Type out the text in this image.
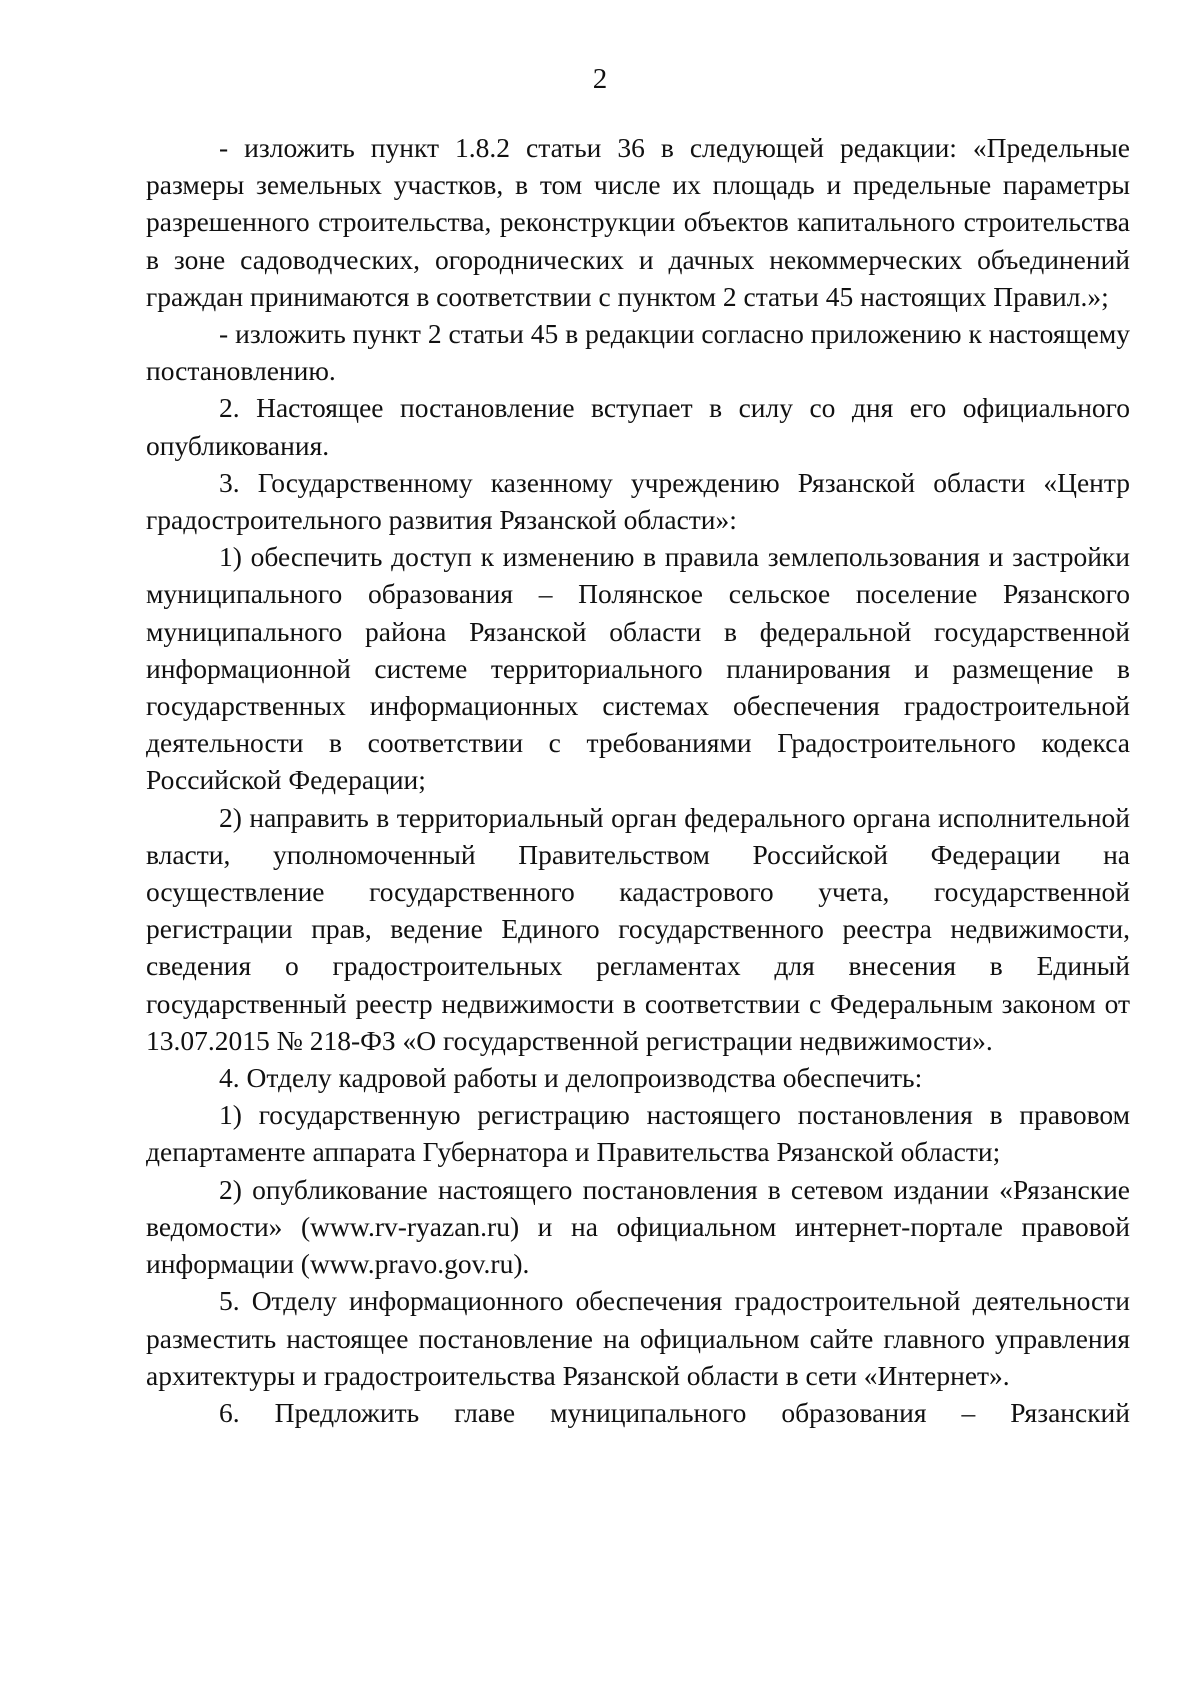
2

- изложить пункт 1.8.2 статьи 36 в следующей редакции: «Предельные размеры земельных участков, в том числе их площадь и предельные параметры разрешенного строительства, реконструкции объектов капитального строительства в зоне садоводческих, огороднических и дачных некоммерческих объединений граждан принимаются в соответствии с пунктом 2 статьи 45 настоящих Правил.»;

- изложить пункт 2 статьи 45 в редакции согласно приложению к настоящему постановлению.

2. Настоящее постановление вступает в силу со дня его официального опубликования.

3. Государственному казенному учреждению Рязанской области «Центр градостроительного развития Рязанской области»:

1) обеспечить доступ к изменению в правила землепользования и застройки муниципального образования – Полянское сельское поселение Рязанского муниципального района Рязанской области в федеральной государственной информационной системе территориального планирования и размещение в государственных информационных системах обеспечения градостроительной деятельности в соответствии с требованиями Градостроительного кодекса Российской Федерации;

2) направить в территориальный орган федерального органа исполнительной власти, уполномоченный Правительством Российской Федерации на осуществление государственного кадастрового учета, государственной регистрации прав, ведение Единого государственного реестра недвижимости, сведения о градостроительных регламентах для внесения в Единый государственный реестр недвижимости в соответствии с Федеральным законом от 13.07.2015 № 218-ФЗ «О государственной регистрации недвижимости».

4. Отделу кадровой работы и делопроизводства обеспечить:

1) государственную регистрацию настоящего постановления в правовом департаменте аппарата Губернатора и Правительства Рязанской области;

2) опубликование настоящего постановления в сетевом издании «Рязанские ведомости» (www.rv-ryazan.ru) и на официальном интернет-портале правовой информации (www.pravo.gov.ru).

5. Отделу информационного обеспечения градостроительной деятельности разместить настоящее постановление на официальном сайте главного управления архитектуры и градостроительства Рязанской области в сети «Интернет».

6. Предложить главе муниципального образования – Рязанский
